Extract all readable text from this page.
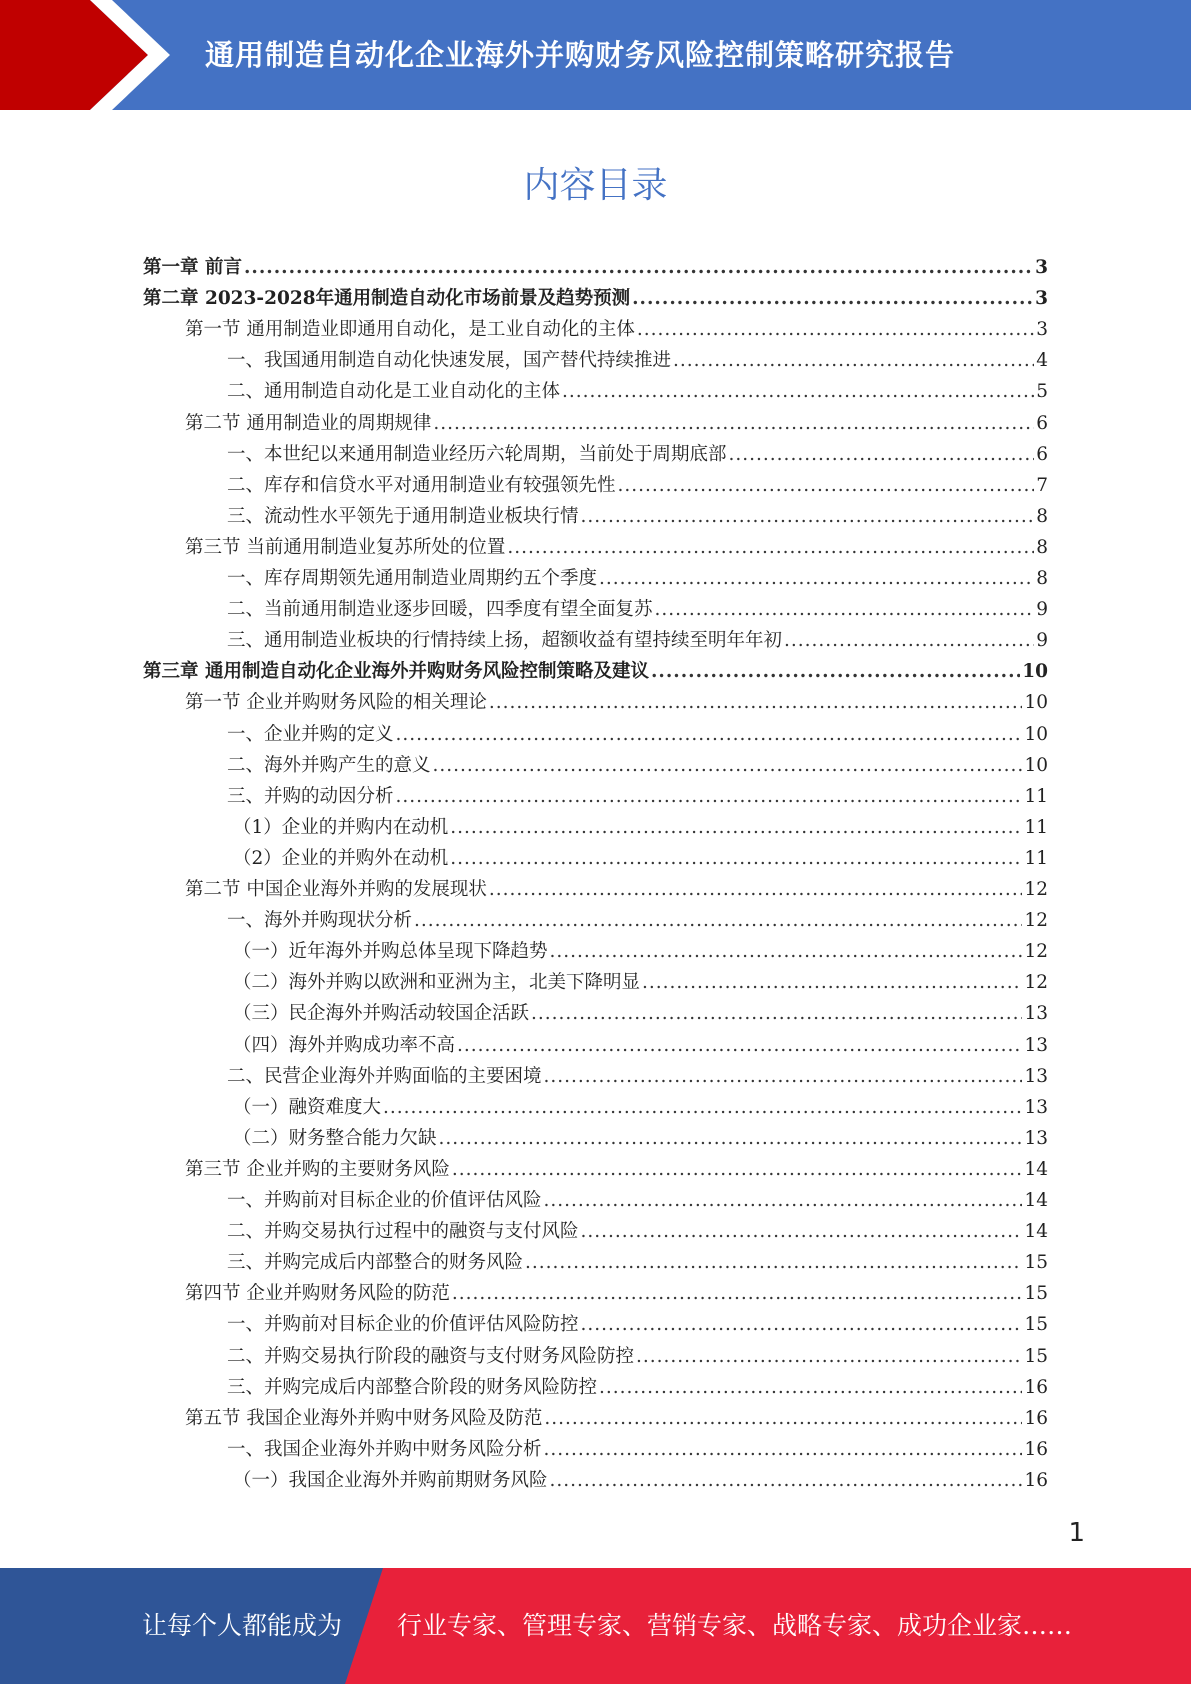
通用制造自动化企业海外并购财务风险控制策略研究报告
内容目录
第一章 前言 .....	3
第二章 2023-2028年通用制造自动化市场前景及趋势预测 .....	3
第一节 通用制造业即通用自动化，是工业自动化的主体 .....	3
一、我国通用制造自动化快速发展，国产替代持续推进 .....	4
二、通用制造自动化是工业自动化的主体 .....	5
第二节 通用制造业的周期规律 .....	6
一、本世纪以来通用制造业经历六轮周期，当前处于周期底部 .....	6
二、库存和信贷水平对通用制造业有较强领先性 .....	7
三、流动性水平领先于通用制造业板块行情 .....	8
第三节 当前通用制造业复苏所处的位置 .....	8
一、库存周期领先通用制造业周期约五个季度 .....	8
二、当前通用制造业逐步回暖，四季度有望全面复苏 .....	9
三、通用制造业板块的行情持续上扬，超额收益有望持续至明年年初 .....	9
第三章 通用制造自动化企业海外并购财务风险控制策略及建议 .....	10
第一节 企业并购财务风险的相关理论 .....	10
一、企业并购的定义 .....	10
二、海外并购产生的意义 .....	10
三、并购的动因分析 .....	11
（1）企业的并购内在动机 .....	11
（2）企业的并购外在动机 .....	11
第二节 中国企业海外并购的发展现状 .....	12
一、海外并购现状分析 .....	12
（一）近年海外并购总体呈现下降趋势 .....	12
（二）海外并购以欧洲和亚洲为主，北美下降明显 .....	12
（三）民企海外并购活动较国企活跃 .....	13
（四）海外并购成功率不高 .....	13
二、民营企业海外并购面临的主要困境 .....	13
（一）融资难度大 .....	13
（二）财务整合能力欠缺 .....	13
第三节 企业并购的主要财务风险 .....	14
一、并购前对目标企业的价值评估风险 .....	14
二、并购交易执行过程中的融资与支付风险 .....	14
三、并购完成后内部整合的财务风险 .....	15
第四节 企业并购财务风险的防范 .....	15
一、并购前对目标企业的价值评估风险防控 .....	15
二、并购交易执行阶段的融资与支付财务风险防控 .....	15
三、并购完成后内部整合阶段的财务风险防控 .....	16
第五节 我国企业海外并购中财务风险及防范 .....	16
一、我国企业海外并购中财务风险分析 .....	16
（一）我国企业海外并购前期财务风险 .....	16
1
让每个人都能成为 行业专家、管理专家、营销专家、战略专家、成功企业家……
